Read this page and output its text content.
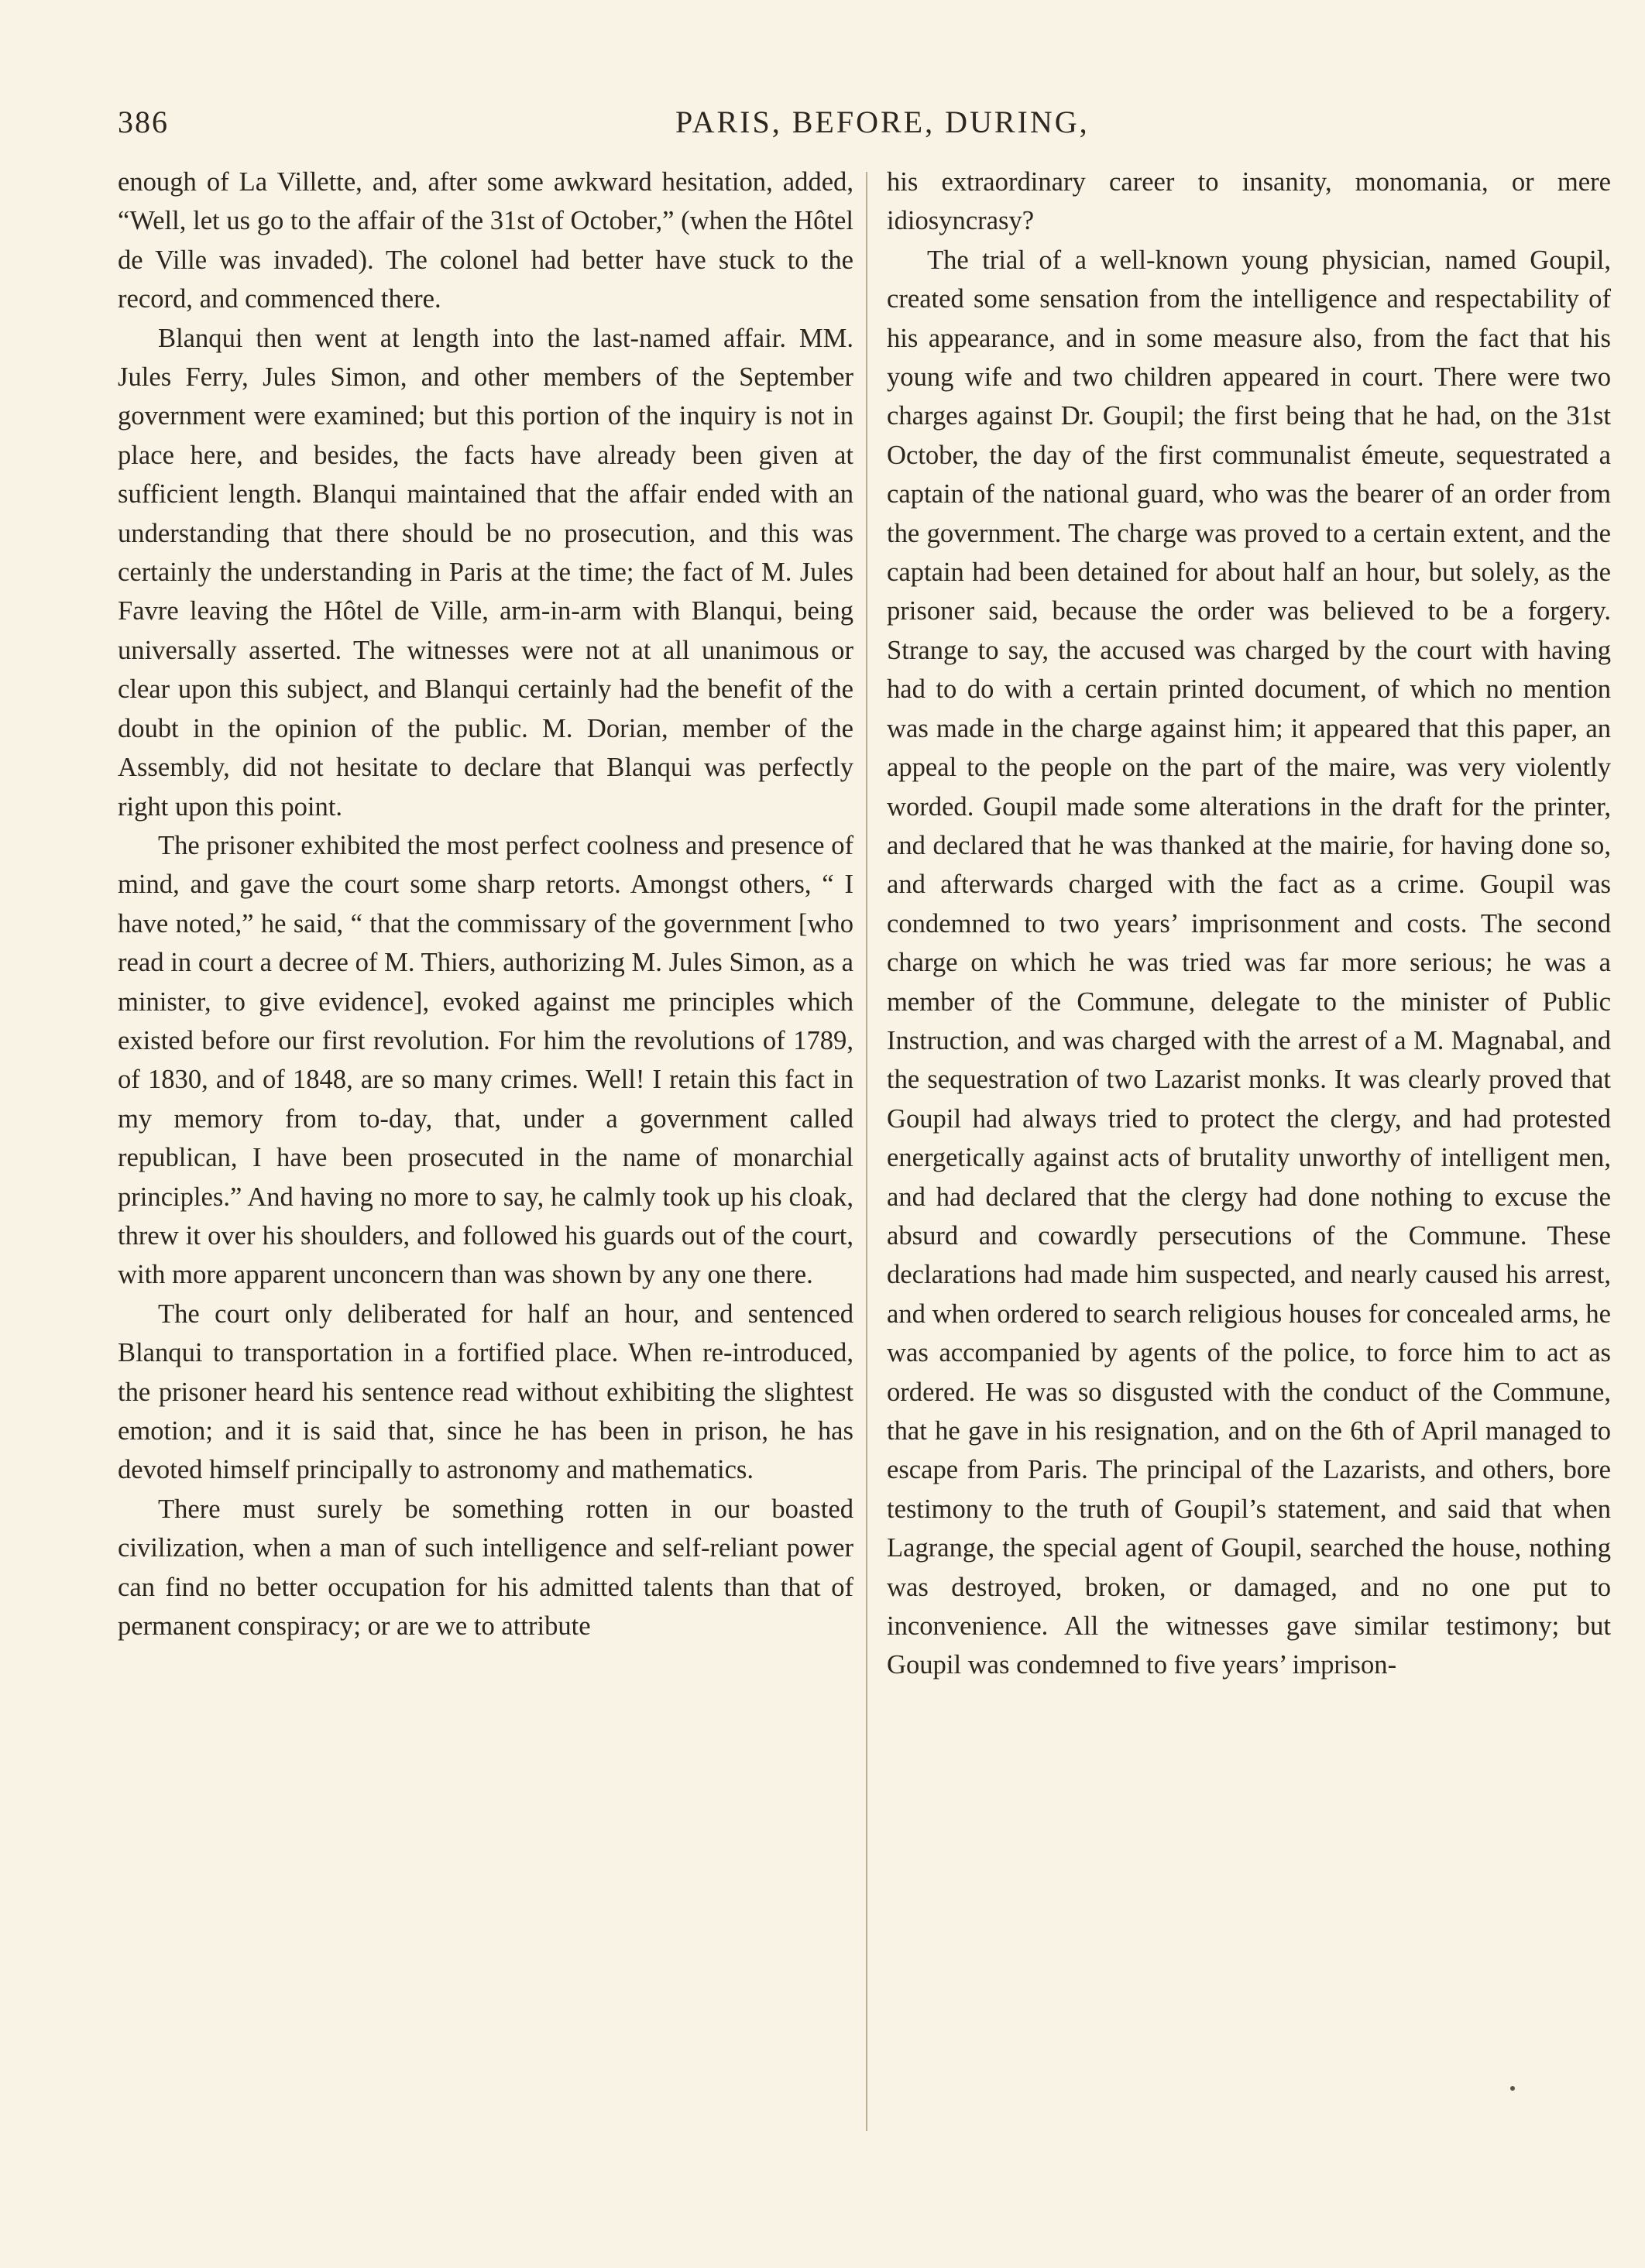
386	PARIS, BEFORE, DURING,

enough of La Villette, and, after some awkward hesitation, added, “Well, let us go to the affair of the 31st of October,” (when the Hôtel de Ville was invaded). The colonel had better have stuck to the record, and commenced there.

Blanqui then went at length into the last-named affair. MM. Jules Ferry, Jules Simon, and other members of the September government were examined; but this portion of the inquiry is not in place here, and besides, the facts have already been given at sufficient length. Blanqui maintained that the affair ended with an understanding that there should be no prosecution, and this was certainly the understanding in Paris at the time; the fact of M. Jules Favre leaving the Hôtel de Ville, arm-in-arm with Blanqui, being universally asserted. The witnesses were not at all unanimous or clear upon this subject, and Blanqui certainly had the benefit of the doubt in the opinion of the public. M. Dorian, member of the Assembly, did not hesitate to declare that Blanqui was perfectly right upon this point.

The prisoner exhibited the most perfect coolness and presence of mind, and gave the court some sharp retorts. Amongst others, “ I have noted,” he said, “ that the commissary of the government [who read in court a decree of M. Thiers, authorizing M. Jules Simon, as a minister, to give evidence], evoked against me principles which existed before our first revolution. For him the revolutions of 1789, of 1830, and of 1848, are so many crimes. Well! I retain this fact in my memory from to-day, that, under a government called republican, I have been prosecuted in the name of monarchial principles.” And having no more to say, he calmly took up his cloak, threw it over his shoulders, and followed his guards out of the court, with more apparent unconcern than was shown by any one there.

The court only deliberated for half an hour, and sentenced Blanqui to transportation in a fortified place. When re-introduced, the prisoner heard his sentence read without exhibiting the slightest emotion; and it is said that, since he has been in prison, he has devoted himself principally to astronomy and mathematics.

There must surely be something rotten in our boasted civilization, when a man of such intelligence and self-reliant power can find no better occupation for his admitted talents than that of permanent conspiracy; or are we to attribute

his extraordinary career to insanity, monomania, or mere idiosyncrasy?

The trial of a well-known young physician, named Goupil, created some sensation from the intelligence and respectability of his appearance, and in some measure also, from the fact that his young wife and two children appeared in court. There were two charges against Dr. Goupil; the first being that he had, on the 31st October, the day of the first communalist émeute, sequestrated a captain of the national guard, who was the bearer of an order from the government. The charge was proved to a certain extent, and the captain had been detained for about half an hour, but solely, as the prisoner said, because the order was believed to be a forgery. Strange to say, the accused was charged by the court with having had to do with a certain printed document, of which no mention was made in the charge against him; it appeared that this paper, an appeal to the people on the part of the maire, was very violently worded. Goupil made some alterations in the draft for the printer, and declared that he was thanked at the mairie, for having done so, and afterwards charged with the fact as a crime. Goupil was condemned to two years’ imprisonment and costs. The second charge on which he was tried was far more serious; he was a member of the Commune, delegate to the minister of Public Instruction, and was charged with the arrest of a M. Magnabal, and the sequestration of two Lazarist monks. It was clearly proved that Goupil had always tried to protect the clergy, and had protested energetically against acts of brutality unworthy of intelligent men, and had declared that the clergy had done nothing to excuse the absurd and cowardly persecutions of the Commune. These declarations had made him suspected, and nearly caused his arrest, and when ordered to search religious houses for concealed arms, he was accompanied by agents of the police, to force him to act as ordered. He was so disgusted with the conduct of the Commune, that he gave in his resignation, and on the 6th of April managed to escape from Paris. The principal of the Lazarists, and others, bore testimony to the truth of Goupil’s statement, and said that when Lagrange, the special agent of Goupil, searched the house, nothing was destroyed, broken, or damaged, and no one put to inconvenience. All the witnesses gave similar testimony; but Goupil was condemned to five years’ imprison-
